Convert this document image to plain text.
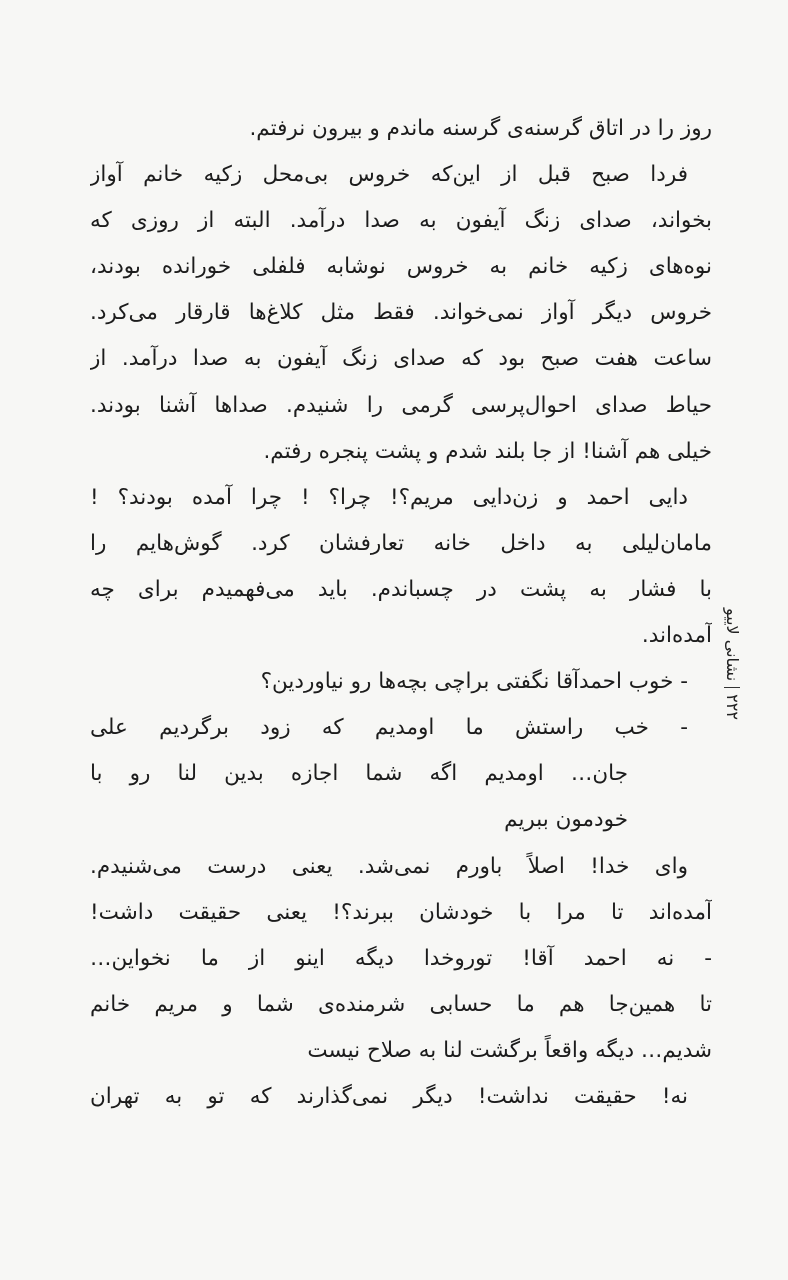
روز را در اتاق گرسنه‌ی گرسنه ماندم و بیرون نرفتم.
فردا صبح قبل از این‌که خروس بی‌محل زکیه خانم آواز
بخواند، صدای زنگ آیفون به صدا درآمد. البته از روزی که
نوه‌های زکیه خانم به خروس نوشابه فلفلی خورانده بودند،
خروس دیگر آواز نمی‌خواند. فقط مثل کلاغ‌ها قارقار می‌کرد.
ساعت هفت صبح بود که صدای زنگ آیفون به صدا درآمد. از
حیاط صدای احوال‌پرسی گرمی را شنیدم. صداها آشنا بودند.
خیلی هم آشنا! از جا بلند شدم و پشت پنجره رفتم.
دایی احمد و زن‌دایی مریم؟! چرا؟ ! چرا آمده بودند؟ !
مامان‌لیلی به داخل خانه تعارفشان کرد. گوش‌هایم را
با فشار به پشت در چسباندم. باید می‌فهمیدم برای چه
آمده‌اند.
- خوب احمدآقا نگفتی براچی بچه‌ها رو نیاوردین؟
- خب راستش ما اومدیم که زود برگردیم علی
جان… اومدیم اگه شما اجازه بدین لنا رو با
خودمون ببریم
وای خدا! اصلاً باورم نمی‌شد. یعنی درست می‌شنیدم.
آمده‌اند تا مرا با خودشان ببرند؟! یعنی حقیقت داشت!
- نه احمد آقا! توروخدا دیگه اینو از ما نخواین…
تا همین‌جا هم ما حسابی شرمنده‌ی شما و مریم خانم
شدیم… دیگه واقعاً برگشت لنا به صلاح نیست
نه! حقیقت نداشت! دیگر نمی‌گذارند که تو به تهران
۲۲۲
نشانی لاییو
